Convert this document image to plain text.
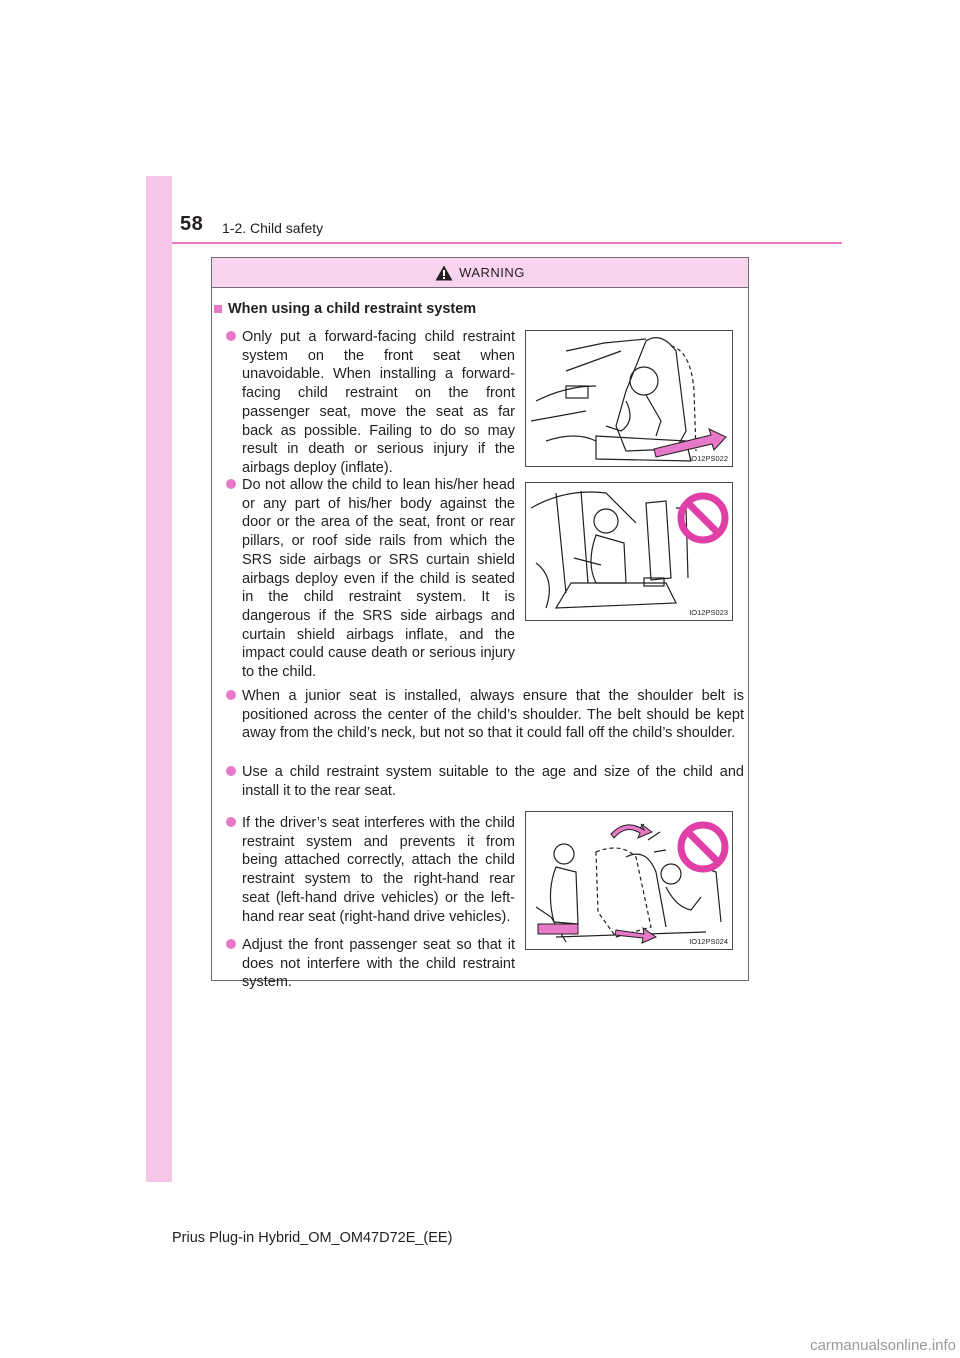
58 1-2. Child safety
WARNING
When using a child restraint system

Only put a forward-facing child restraint system on the front seat when unavoidable. When installing a forward-facing child restraint on the front passenger seat, move the seat as far back as possible. Failing to do so may result in death or serious injury if the airbags deploy (inflate).

Do not allow the child to lean his/her head or any part of his/her body against the door or the area of the seat, front or rear pillars, or roof side rails from which the SRS side airbags or SRS curtain shield airbags deploy even if the child is seated in the child restraint system. It is dangerous if the SRS side airbags and curtain shield airbags inflate, and the impact could cause death or serious injury to the child.

When a junior seat is installed, always ensure that the shoulder belt is positioned across the center of the child’s shoulder. The belt should be kept away from the child’s neck, but not so that it could fall off the child’s shoulder.

Use a child restraint system suitable to the age and size of the child and install it to the rear seat.

If the driver’s seat interferes with the child restraint system and prevents it from being attached correctly, attach the child restraint system to the right-hand rear seat (left-hand drive vehicles) or the left-hand rear seat (right-hand drive vehicles).

Adjust the front passenger seat so that it does not interfere with the child restraint system.

IO12PS022
IO12PS023
IO12PS024
Prius Plug-in Hybrid_OM_OM47D72E_(EE)
carmanualsonline.info
